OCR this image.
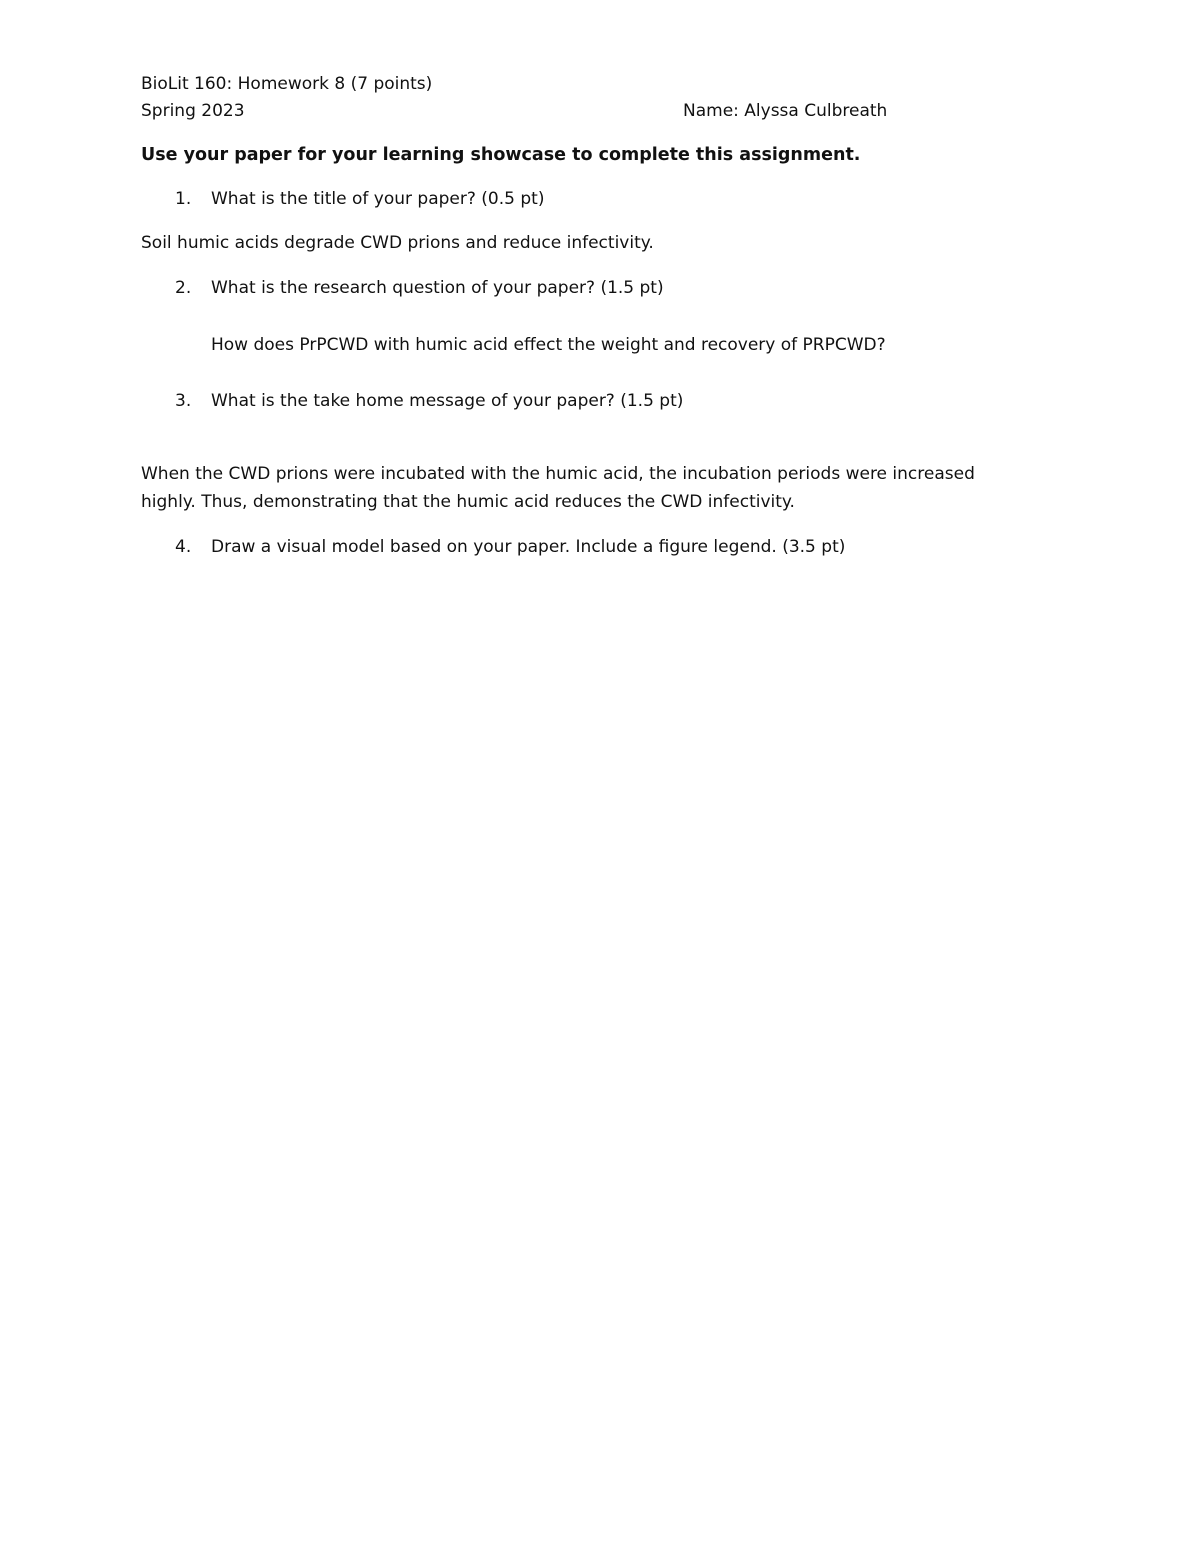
BioLit 160: Homework 8 (7 points)

Spring 2023	Name: Alyssa Culbreath

Use your paper for your learning showcase to complete this assignment.

1. What is the title of your paper? (0.5 pt)

Soil humic acids degrade CWD prions and reduce infectivity.

2. What is the research question of your paper? (1.5 pt)

How does PrPCWD with humic acid effect the weight and recovery of PRPCWD?

3. What is the take home message of your paper? (1.5 pt)

When the CWD prions were incubated with the humic acid, the incubation periods were increased

highly. Thus, demonstrating that the humic acid reduces the CWD infectivity.

4. Draw a visual model based on your paper. Include a figure legend. (3.5 pt)
